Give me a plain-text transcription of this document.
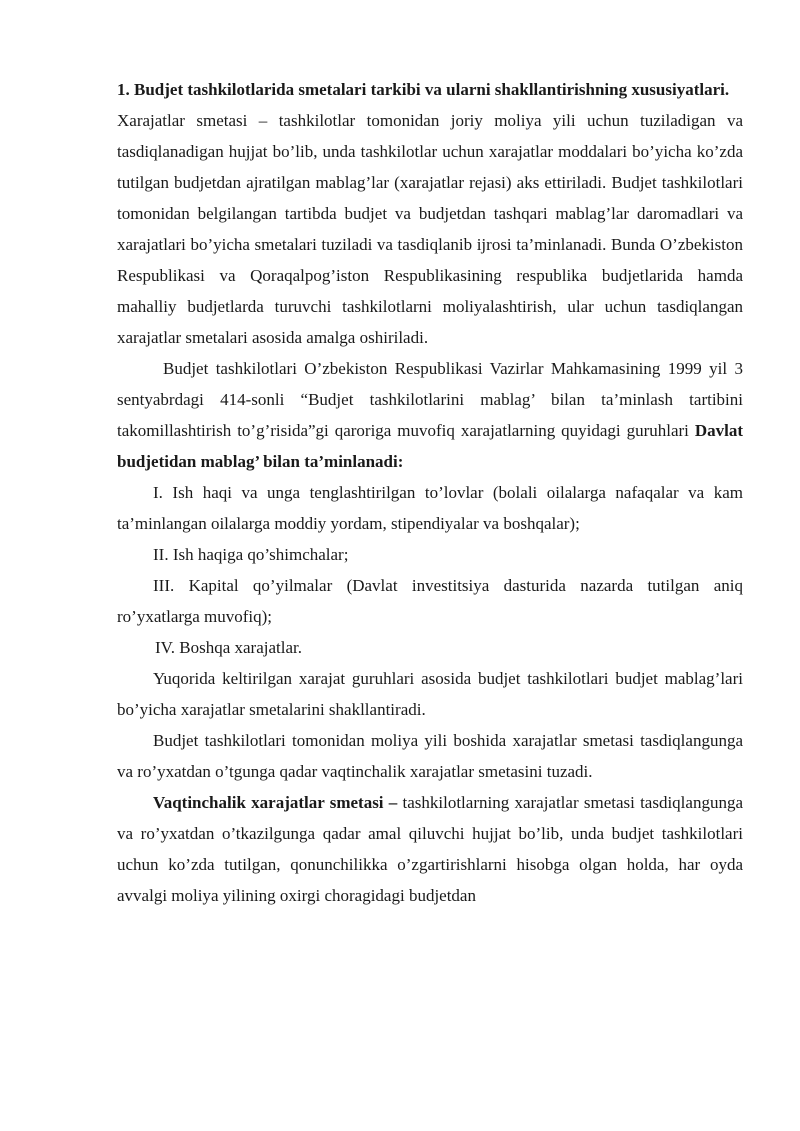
1. Budjet tashkilotlarida smetalari tarkibi va ularni shakllantirishning xususiyatlari.

Xarajatlar smetasi – tashkilotlar tomonidan joriy moliya yili uchun tuziladigan va tasdiqlanadigan hujjat bo’lib, unda tashkilotlar uchun xarajatlar moddalari bo’yicha ko’zda tutilgan budjetdan ajratilgan mablag’lar (xarajatlar rejasi) aks ettiriladi. Budjet tashkilotlari tomonidan belgilangan tartibda budjet va budjetdan tashqari mablag’lar daromadlari va xarajatlari bo’yicha smetalari tuziladi va tasdiqlanib ijrosi ta’minlanadi. Bunda O’zbekiston Respublikasi va Qoraqalpog’iston Respublikasining respublika budjetlarida hamda mahalliy budjetlarda turuvchi tashkilotlarni moliyalashtirish, ular uchun tasdiqlangan xarajatlar smetalari asosida amalga oshiriladi.

Budjet tashkilotlari O’zbekiston Respublikasi Vazirlar Mahkamasining 1999 yil 3 sentyabrdagi 414-sonli “Budjet tashkilotlarini mablag’ bilan ta’minlash tartibini takomillashtirish to’g’risida”gi qaroriga muvofiq xarajatlarning quyidagi guruhlari Davlat budjetidan mablag’ bilan ta’minlanadi:

I. Ish haqi va unga tenglashtirilgan to’lovlar (bolali oilalarga nafaqalar va kam ta’minlangan oilalarga moddiy yordam, stipendiyalar va boshqalar);

II. Ish haqiga qo’shimchalar;

III. Kapital qo’yilmalar (Davlat investitsiya dasturida nazarda tutilgan aniq ro’yxatlarga muvofiq);

IV. Boshqa xarajatlar.

Yuqorida keltirilgan xarajat guruhlari asosida budjet tashkilotlari budjet mablag’lari bo’yicha xarajatlar smetalarini shakllantiradi.

Budjet tashkilotlari tomonidan moliya yili boshida xarajatlar smetasi tasdiqlangunga va ro’yxatdan o’tgunga qadar vaqtinchalik xarajatlar smetasini tuzadi.

Vaqtinchalik xarajatlar smetasi – tashkilotlarning xarajatlar smetasi tasdiqlangunga va ro’yxatdan o’tkazilgunga qadar amal qiluvchi hujjat bo’lib, unda budjet tashkilotlari uchun ko’zda tutilgan, qonunchilikka o’zgartirishlarni hisobga olgan holda, har oyda avvalgi moliya yilining oxirgi choragidagi budjetdan
